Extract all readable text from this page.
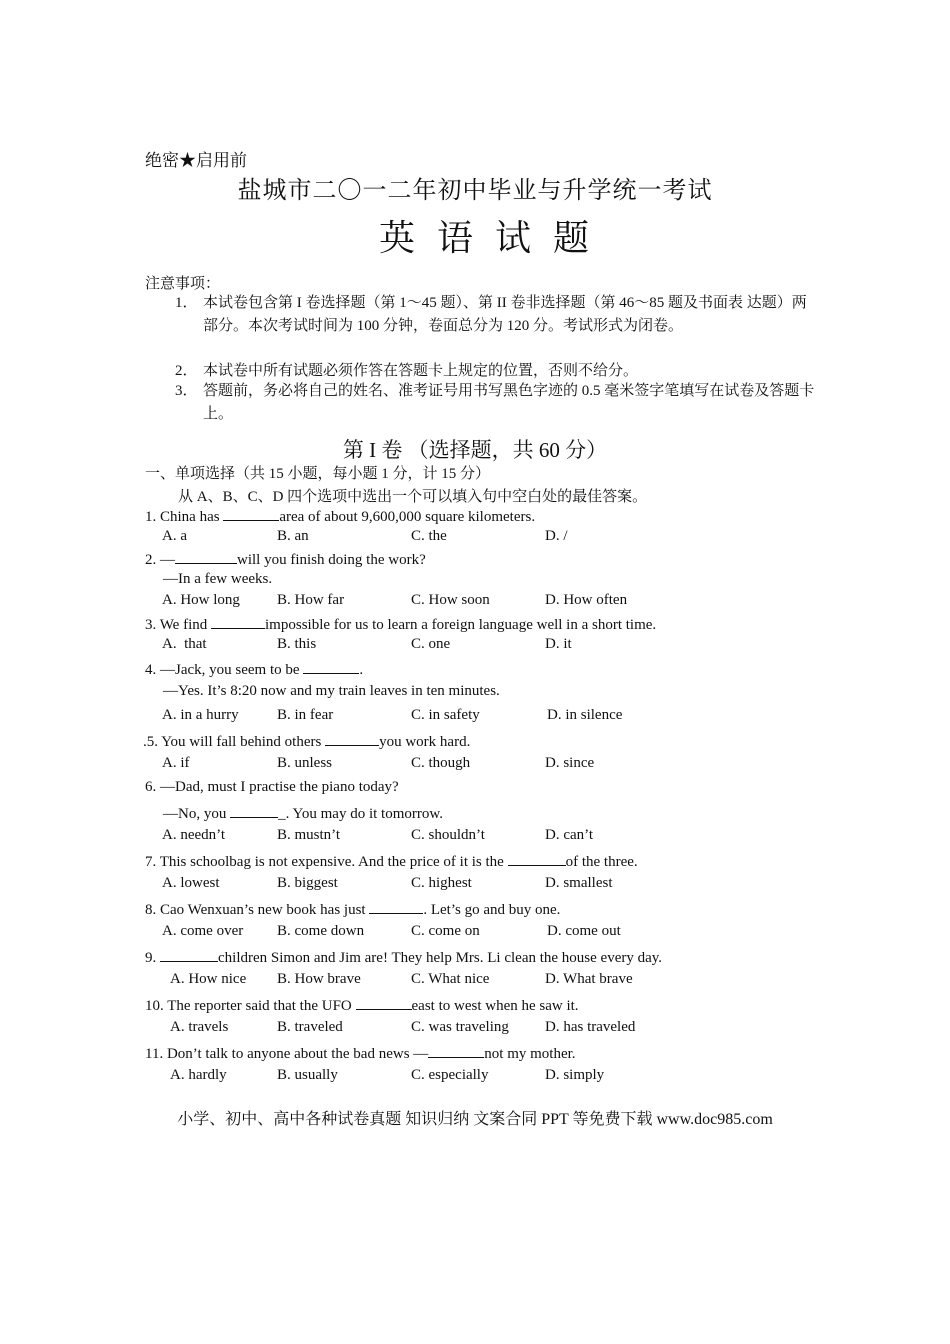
绝密★启用前
盐城市二〇一二年初中毕业与升学统一考试
英语试题
注意事项：
1． 本试卷包含第 I 卷选择题（第 1～45 题）、第 II 卷非选择题（第 46～85 题及书面表 达题）两部分。本次考试时间为 100 分钟，卷面总分为 120 分。考试形式为闭卷。
2． 本试卷中所有试题必须作答在答题卡上规定的位置，否则不给分。
3． 答题前，务必将自己的姓名、准考证号用书写黑色字迹的 0.5 毫米签字笔填写在试卷及答题卡上。
第 I 卷 （选择题，共 60 分）
一、单项选择（共 15 小题，每小题 1 分，计 15 分）
从 A、B、C、D 四个选项中选出一个可以填入句中空白处的最佳答案。
1. China has	area of about 9,600,000 square kilometers.
A. a	B. an	C. the	D. /
2. —	will you finish doing the work?
—In a few weeks.
A. How long B. How far	C. How soon	D. How often
3. We find	impossible for us to learn a foreign language well in a short time.
A.  that	B. this	C. one	D. it
4. —Jack, you seem to be	.
—Yes. It’s 8:20 now and my train leaves in ten minutes.
A. in a hurry	B. in fear	C. in safety	D. in silence
.5. You will fall behind others	you work hard.
A. if	B. unless	C. though	D. since
6. —Dad, must I practise the piano today?
—No, you	_. You may do it tomorrow.
A. needn’t	B. mustn’t	C. shouldn’t	D. can’t
7. This schoolbag is not expensive. And the price of it is the	of the three.
A. lowest	B. biggest	C. highest	D. smallest
8. Cao Wenxuan’s new book has just	. Let’s go and buy one.
A. come over B. come down	C. come on	D. come out
9.	children Simon and Jim are! They help Mrs. Li clean the house every day.
A. How nice B. How brave	C. What nice	D. What brave
10. The reporter said that the UFO	east to west when he saw it.
A. travels	B. traveled	C. was traveling D. has traveled
11. Don’t talk to anyone about the bad news —	not my mother.
A. hardly	B. usually	C. especially	D. simply
小学、初中、高中各种试卷真题 知识归纳 文案合同 PPT 等免费下载 www.doc985.com
